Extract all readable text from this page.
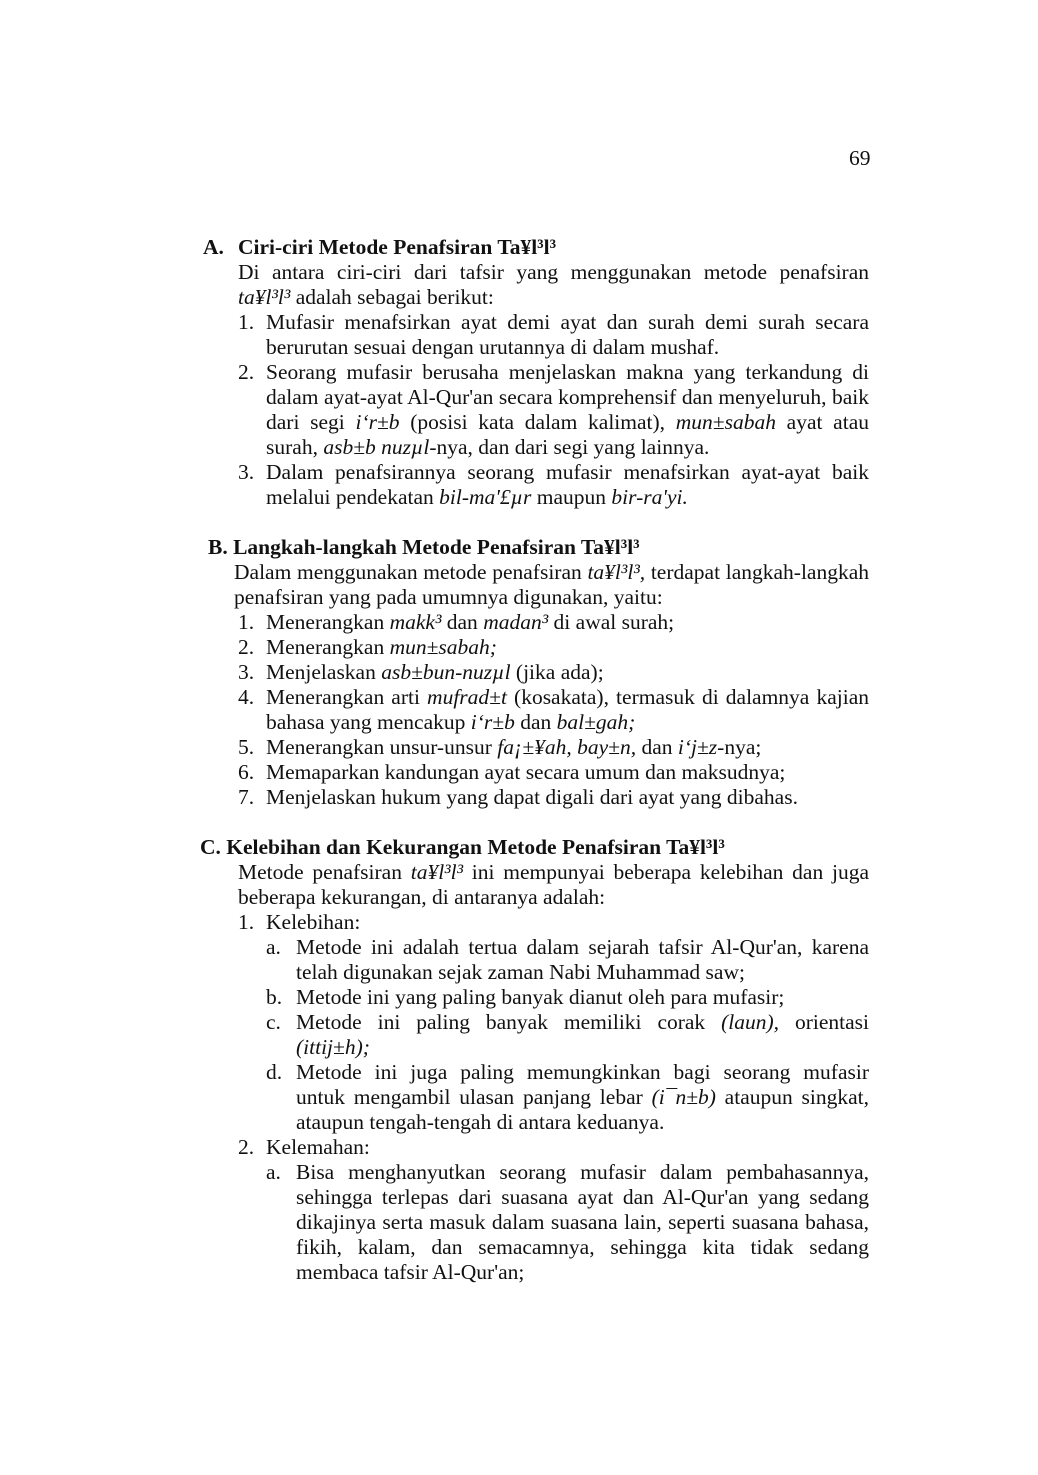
69
A. Ciri-ciri Metode Penafsiran Ta¥l³l³
Di antara ciri-ciri dari tafsir yang menggunakan metode penafsiran ta¥l³l³ adalah sebagai berikut:
1. Mufasir menafsirkan ayat demi ayat dan surah demi surah secara berurutan sesuai dengan urutannya di dalam mushaf.
2. Seorang mufasir berusaha menjelaskan makna yang terkandung di dalam ayat-ayat Al-Qur'an secara komprehensif dan menyeluruh, baik dari segi i‘r±b (posisi kata dalam kalimat), mun±sabah ayat atau surah, asb±b nuzµl-nya, dan dari segi yang lainnya.
3. Dalam penafsirannya seorang mufasir menafsirkan ayat-ayat baik melalui pendekatan bil-ma'£µr maupun bir-ra'yi.
B. Langkah-langkah Metode Penafsiran Ta¥l³l³
Dalam menggunakan metode penafsiran ta¥l³l³, terdapat langkah-langkah penafsiran yang pada umumnya digunakan, yaitu:
1. Menerangkan makk³ dan madan³ di awal surah;
2. Menerangkan mun±sabah;
3. Menjelaskan asb±bun-nuzµl (jika ada);
4. Menerangkan arti mufrad±t (kosakata), termasuk di dalamnya kajian bahasa yang mencakup i‘r±b dan bal±gah;
5. Menerangkan unsur-unsur fa¡±¥ah, bay±n, dan i‘j±z-nya;
6. Memaparkan kandungan ayat secara umum dan maksudnya;
7. Menjelaskan hukum yang dapat digali dari ayat yang dibahas.
C. Kelebihan dan Kekurangan Metode Penafsiran Ta¥l³l³
Metode penafsiran ta¥l³l³ ini mempunyai beberapa kelebihan dan juga beberapa kekurangan, di antaranya adalah:
1. Kelebihan:
a. Metode ini adalah tertua dalam sejarah tafsir Al-Qur'an, karena telah digunakan sejak zaman Nabi Muhammad saw;
b. Metode ini yang paling banyak dianut oleh para mufasir;
c. Metode ini paling banyak memiliki corak (laun), orientasi (ittij±h);
d. Metode ini juga paling memungkinkan bagi seorang mufasir untuk mengambil ulasan panjang lebar (i¯n±b) ataupun singkat, ataupun tengah-tengah di antara keduanya.
2. Kelemahan:
a. Bisa menghanyutkan seorang mufasir dalam pembahasannya, sehingga terlepas dari suasana ayat dan Al-Qur'an yang sedang dikajinya serta masuk dalam suasana lain, seperti suasana bahasa, fikih, kalam, dan semacamnya, sehingga kita tidak sedang membaca tafsir Al-Qur'an;
